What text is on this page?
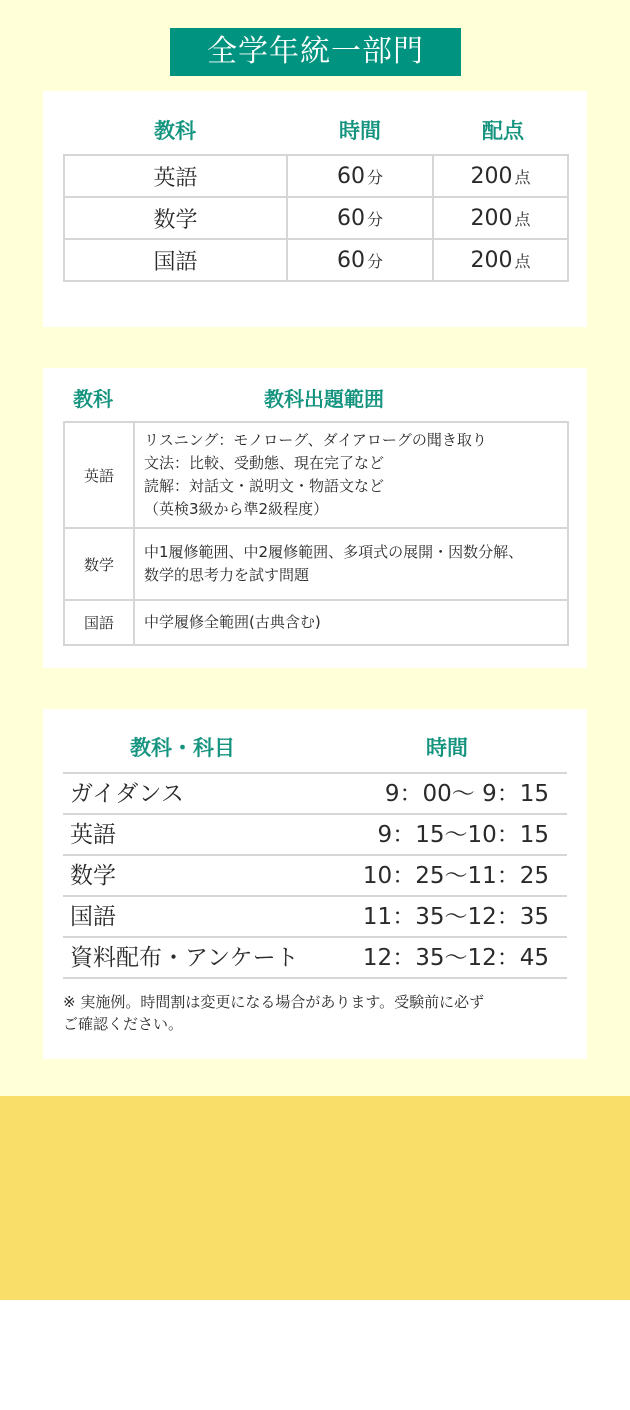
全学年統一部門
教科	時間	配点
英語	60 分	200 点
数学	60 分	200 点
国語	60 分	200 点
教科	教科出題範囲
英語	リスニング：モノローグ、ダイアローグの聞き取り
文法：比較、受動態、現在完了など
読解：対話文・説明文・物語文など
（英検3級から準2級程度）

数学	中1履修範囲、中2履修範囲、多項式の展開・因数分解、
数学的思考力を試す問題

国語	中学履修全範囲(古典含む)
教科・科目	時間
ガイダンス	9：00～ 9：15
英語	9：15～10：15
数学	10：25～11：25
国語	11：35～12：35
資料配布・アンケート	12：35～12：45
※ 実施例。時間割は変更になる場合があります。受験前に必ず
ご確認ください。
